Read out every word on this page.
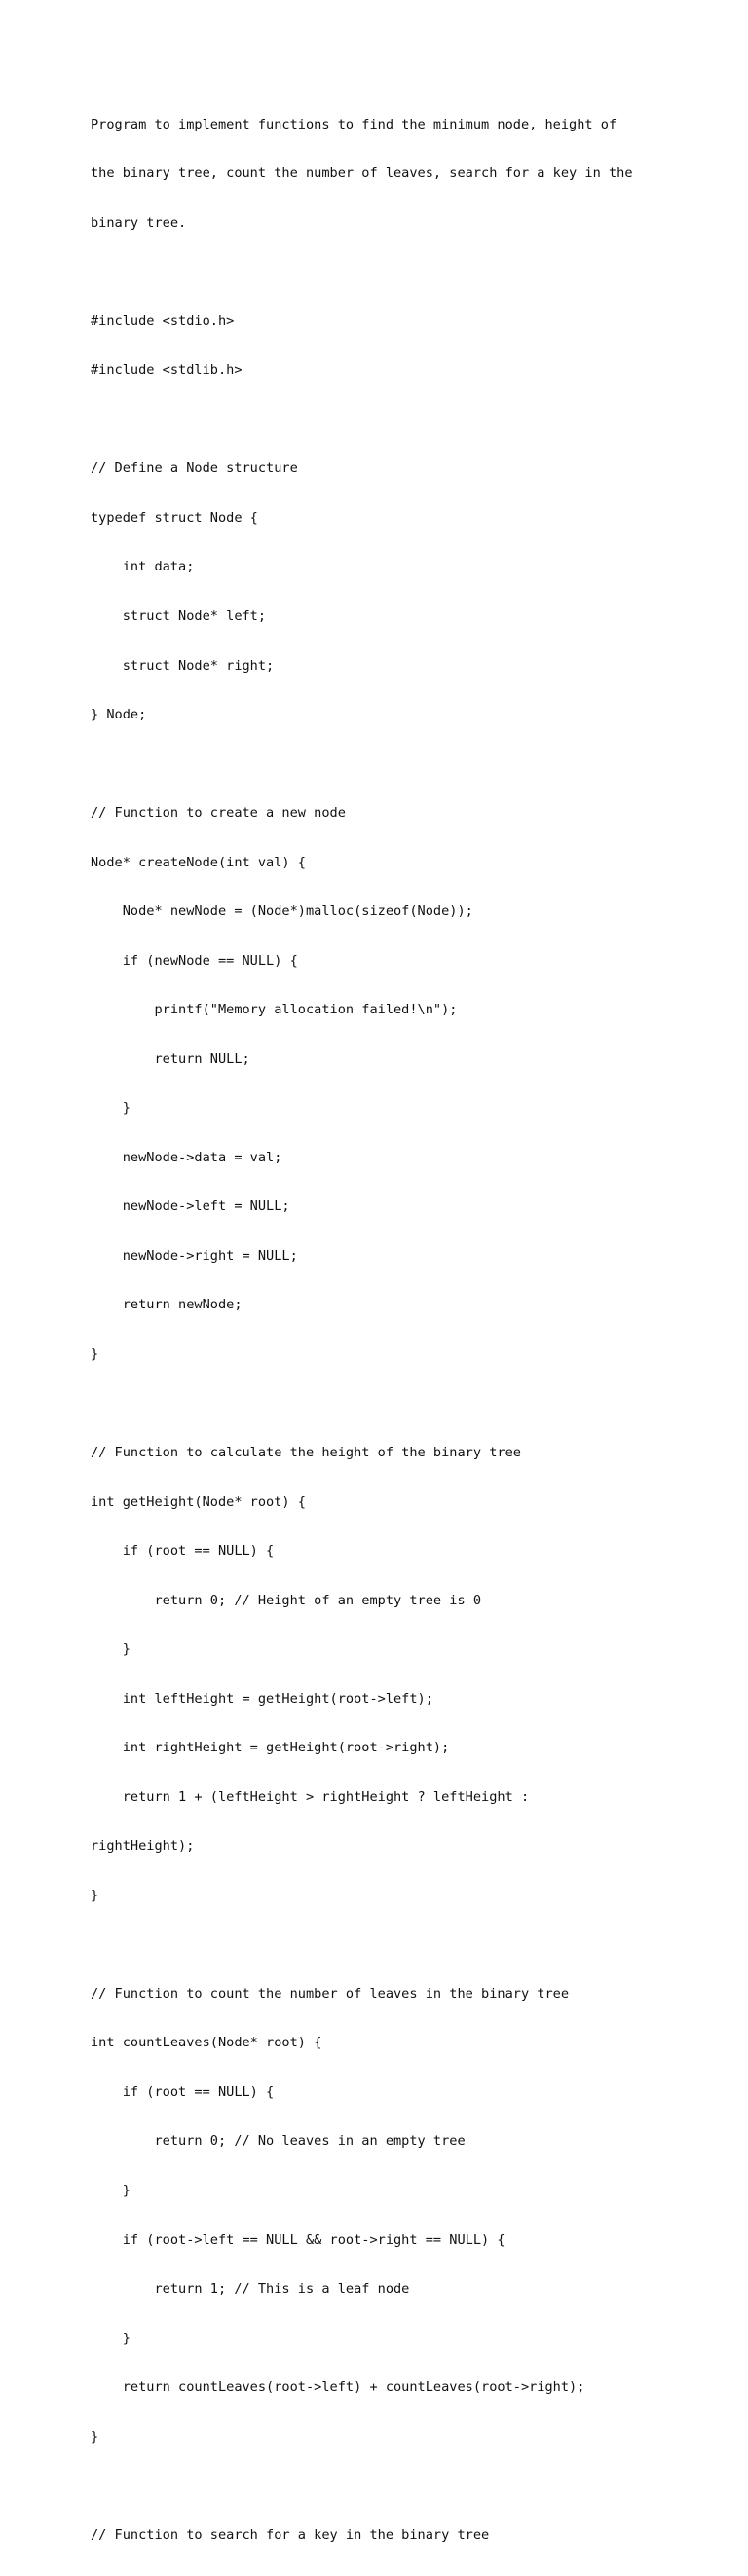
Program to implement functions to find the minimum node, height of

the binary tree, count the number of leaves, search for a key in the

binary tree.

#include <stdio.h>

#include <stdlib.h>

// Define a Node structure

typedef struct Node {

int data;

struct Node* left;

struct Node* right;

} Node;

// Function to create a new node

Node* createNode(int val) {

Node* newNode = (Node*)malloc(sizeof(Node));

if (newNode == NULL) {

printf("Memory allocation failed!\n");

return NULL;

}

newNode->data = val;

newNode->left = NULL;

newNode->right = NULL;

return newNode;

}

// Function to calculate the height of the binary tree

int getHeight(Node* root) {

if (root == NULL) {

return 0; // Height of an empty tree is 0

}

int leftHeight = getHeight(root->left);

int rightHeight = getHeight(root->right);

return 1 + (leftHeight > rightHeight ? leftHeight :

rightHeight);

}

// Function to count the number of leaves in the binary tree

int countLeaves(Node* root) {

if (root == NULL) {

return 0; // No leaves in an empty tree

}

if (root->left == NULL && root->right == NULL) {

return 1; // This is a leaf node

}

return countLeaves(root->left) + countLeaves(root->right);

}

// Function to search for a key in the binary tree
